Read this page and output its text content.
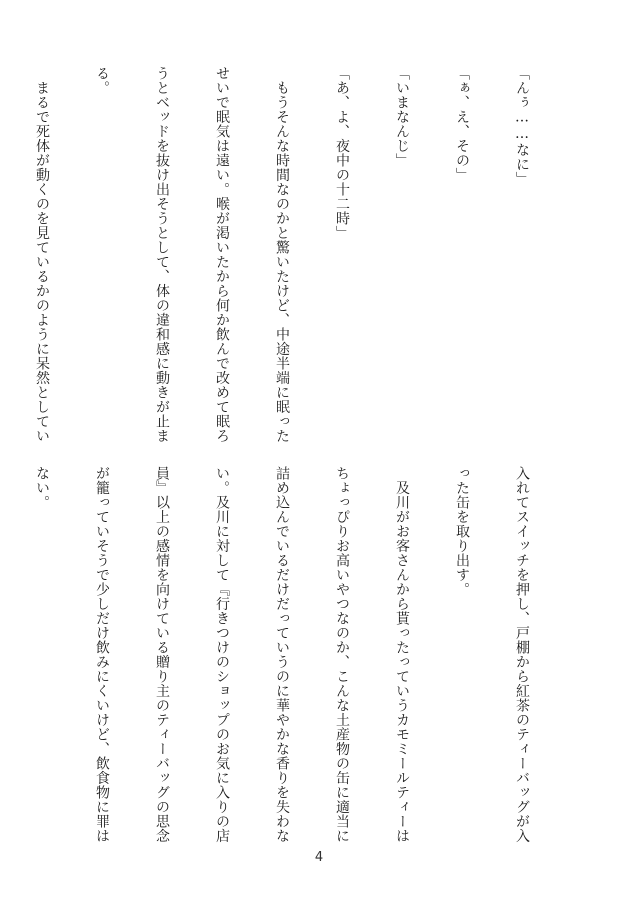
「んぅ……なに」

「ぁ、え、その」

「いまなんじ」

「あ、よ、夜中の十二時」

　もうそんな時間なのかと驚いたけど、中途半端に眠った

せいで眠気は遠い。喉が渇いたから何か飲んで改めて眠ろ

うとベッドを抜け出そうとして、体の違和感に動きが止ま

る。

　まるで死体が動くのを見ているかのように呆然としてい

入れてスイッチを押し、戸棚から紅茶のティーバッグが入

った缶を取り出す。

　及川がお客さんから貰ったっていうカモミールティーは

ちょっぴりお高いやつなのか、こんな土産物の缶に適当に

詰め込んでいるだけだっていうのに華やかな香りを失わな

い。及川に対して『行きつけのショップのお気に入りの店

員』以上の感情を向けている贈り主のティーバッグの思念

が籠っていそうで少しだけ飲みにくいけど、飲食物に罪は

ない。

4
